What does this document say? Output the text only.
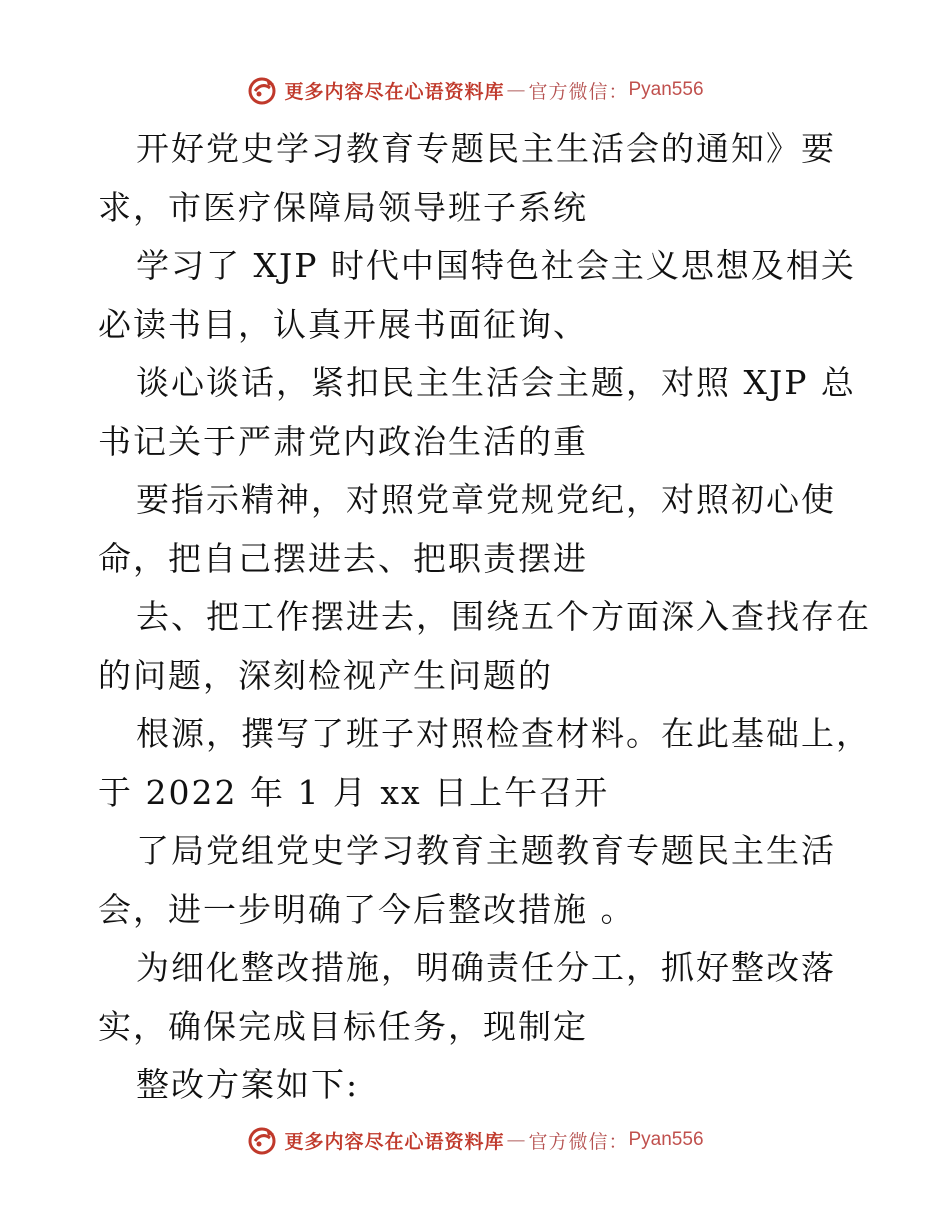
更多内容尽在心语资料库 — 官方微信： Pyan556
开好党史学习教育专题民主生活会的通知》要
求，市医疗保障局领导班子系统
学习了 XJP 时代中国特色社会主义思想及相关
必读书目，认真开展书面征询、
谈心谈话，紧扣民主生活会主题，对照 XJP 总
书记关于严肃党内政治生活的重
要指示精神，对照党章党规党纪，对照初心使
命，把自己摆进去、把职责摆进
去、把工作摆进去，围绕五个方面深入查找存在
的问题，深刻检视产生问题的
根源，撰写了班子对照检查材料。在此基础上，
于 2022 年 1 月 xx 日上午召开
了局党组党史学习教育主题教育专题民主生活
会，进一步明确了今后整改措施 。
为细化整改措施，明确责任分工，抓好整改落
实，确保完成目标任务，现制定
整改方案如下:
更多内容尽在心语资料库 — 官方微信： Pyan556
